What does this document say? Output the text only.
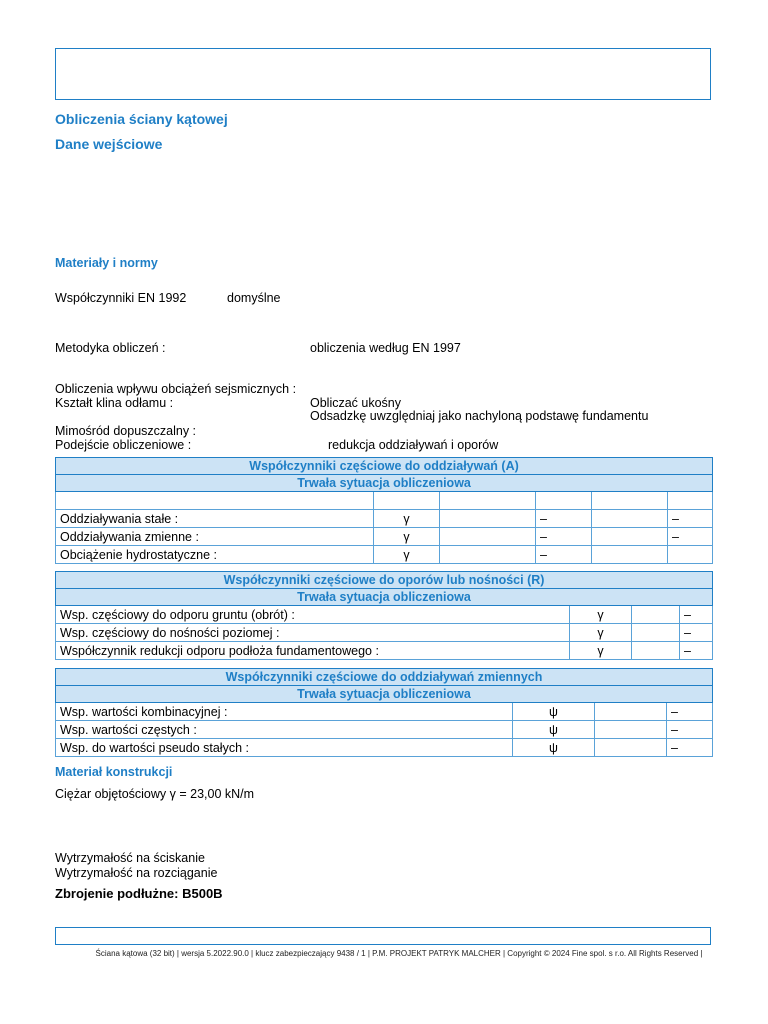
Obliczenia ściany kątowej
Dane wejściowe
Materiały i normy
Współczynniki EN 1992	domyślne
Metodyka obliczeń :	obliczenia według EN 1997
Obliczenia wpływu obciążeń sejsmicznych :
Kształt klina odłamu :	Obliczać ukośny
Odsadzkę uwzględniaj jako nachyloną podstawę fundamentu
Mimośród dopuszczalny :
Podejście obliczeniowe :	redukcja oddziaływań i oporów
Współczynniki częściowe do oddziaływań (A)					
Trwała sytuacja obliczeniowa					

Oddziaływania stałe :	γ		–		–
Oddziaływania zmienne :	γ		–		–
Obciążenie hydrostatyczne :	γ		–		
Współczynniki częściowe do oporów lub nośności (R)			
Trwała sytuacja obliczeniowa			
Wsp. częściowy do odporu gruntu (obrót) :	γ		–
Wsp. częściowy do nośności poziomej :	γ		–
Współczynnik redukcji odporu podłoża fundamentowego :	γ		–
Współczynniki częściowe do oddziaływań zmiennych			
Trwała sytuacja obliczeniowa			
Wsp. wartości kombinacyjnej :	ψ		–
Wsp. wartości częstych :	ψ		–
Wsp. do wartości pseudo stałych :	ψ		–
Materiał konstrukcji
Ciężar objętościowy γ = 23,00 kN/m
Wytrzymałość na ściskanie
Wytrzymałość na rozciąganie
Zbrojenie podłużne: B500B
Ściana kątowa (32 bit) | wersja 5.2022.90.0 | klucz zabezpieczający 9438 / 1 | P.M. PROJEKT PATRYK MALCHER | Copyright © 2024 Fine spol. s r.o. All Rights Reserved |
